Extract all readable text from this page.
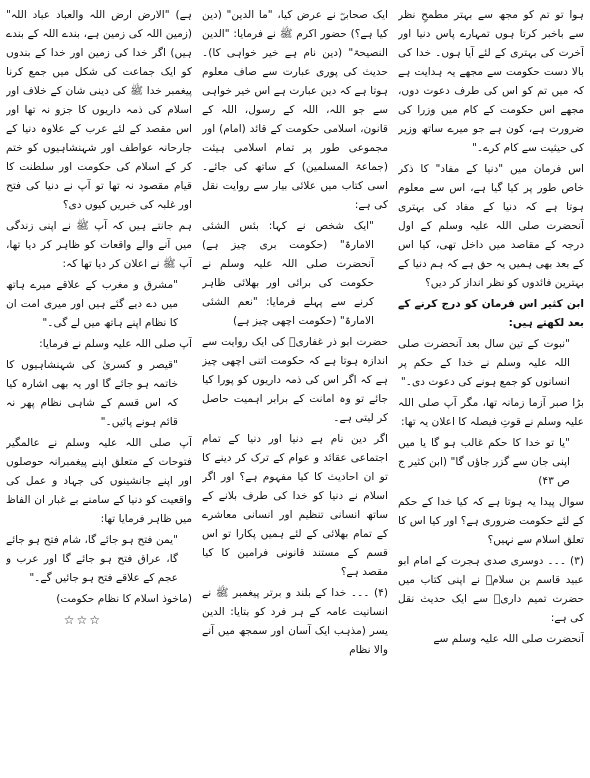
ہوا تو تم کو مجھ سے بہتر مطمحِ نظر سے باخبر کرتا ہوں تمہارے پاس دنیا اور آخرت کی بہتری کے لئے آیا ہوں۔ خدا کی بالا دست حکومت سے مجھے یہ ہدایت ہے کہ میں تم کو اس کی طرف دعوت دوں، مجھے اس حکومت کے کام میں وزرا کی ضرورت ہے، کون ہے جو میرے ساتھ وزیر کی حیثیت سے کام کرے۔"

اس فرمان میں "دنیا کے مفاد" کا ذکر خاص طور پر کیا گیا ہے، اس سے معلوم ہوتا ہے کہ دنیا کے مفاد کی بہتری آنحضرت صلی اللہ علیہ وسلم کے اول درجہ کے مقاصد میں داخل تھی، کیا اس کے بعد بھی ہمیں یہ حق ہے کہ ہم دنیا کے بہترین فائدوں کو نظر انداز کر دیں؟

ابن کثیر اس فرمان کو درج کرنے کے بعد لکھتے ہیں:

"نبوت کے تین سال بعد آنحضرت صلی اللہ علیہ وسلم نے خدا کے حکم پر انسانوں کو جمع ہونے کی دعوت دی۔"

بڑا صبر آزما زمانہ تھا، مگر آپ صلی اللہ علیہ وسلم نے قوتِ فیصلہ کا اعلان یہ تھا:

"یا تو خدا کا حکم غالب ہو گا یا میں اپنی جان سے گزر جاؤں گا" (ابن کثیر ج ص ۴۳)

سوال پیدا یہ ہوتا ہے کہ کیا خدا کے حکم کے لئے حکومت ضروری ہے؟ اور کیا اس کا تعلق اسلام سے نہیں؟

(۳) ۔۔۔ دوسری صدی ہجرت کے امام ابو عبید قاسم بن سلامؒ نے اپنی کتاب میں حضرت تمیم داریؓ سے ایک حدیث نقل کی ہے:

آنحضرت صلی اللہ علیہ وسلم سے

ایک صحابیؓ نے عرض کیا، "ما الدین" (دین کیا ہے؟) حضور اکرم ﷺ نے فرمایا: "الدین النصیحۃ" (دین نام ہے خیر خواہی کا)۔ حدیث کی پوری عبارت سے صاف معلوم ہوتا ہے کہ دین عبارت ہے اس خیر خواہی سے جو اللہ، اللہ کے رسول، اللہ کے قانون، اسلامی حکومت کے قائد (امام) اور مجموعی طور پر تمام اسلامی ہیئت (جماعۃ المسلمین) کے ساتھ کی جائے۔ اسی کتاب میں علائی بیار سے روایت نقل کی ہے:

"ایک شخص نے کہا: بئس الشئی الامارۃ" (حکومت بری چیز ہے) آنحضرت صلی اللہ علیہ وسلم نے حکومت کی برائی اور بھلائی ظاہر کرنے سے پہلے فرمایا: "نعم الشئی الامارۃ" (حکومت اچھی چیز ہے)

حضرت ابو ذر غفاریؓ کی ایک روایت سے اندازہ ہوتا ہے کہ حکومت اتنی اچھی چیز ہے کہ اگر اس کی ذمہ داریوں کو پورا کیا جائے تو وہ امانت کے برابر اہمیت حاصل کر لیتی ہے۔

اگر دین نام ہے دنیا اور دنیا کے تمام اجتماعی عقائد و عوام کے ترک کر دینے کا تو ان احادیث کا کیا مفہوم ہے؟ اور اگر اسلام نے دنیا کو خدا کی طرف بلانے کے ساتھ انسانی تنظیم اور انسانی معاشرے کے تمام بھلائی کے لئے ہمیں پکارا تو اس قسم کے مستند قانونی فرامین کا کیا مقصد ہے؟

(۴) ۔۔۔ خدا کے بلند و برتر پیغمبر ﷺ نے انسانیت عامہ کے ہر فرد کو بتایا: الدین یسر (مذہب ایک آسان اور سمجھ میں آنے والا نظام

ہے) "الارض ارض اللہ والعباد عباد اللہ" (زمین اللہ کی زمین ہے، بندے اللہ کے بندے ہیں) اگر خدا کی زمین اور خدا کے بندوں کو ایک جماعت کی شکل میں جمع کرنا پیغمبر خدا ﷺ کی دینی شان کے خلاف اور اسلام کی ذمہ داریوں کا جزو نہ تھا اور اس مقصد کے لئے عرب کے علاوہ دنیا کے جارحانہ عواطف اور شہنشاہیوں کو ختم کر کے اسلام کی حکومت اور سلطنت کا قیام مقصود نہ تھا تو آپ نے دنیا کی فتح اور غلبہ کی خبریں کیوں دی؟

ہم جانتے ہیں کہ آپ ﷺ نے اپنی زندگی میں آنے والے واقعات کو ظاہر کر دیا تھا، آپ ﷺ نے اعلان کر دیا تھا کہ:

"مشرق و مغرب کے علاقے میرے ہاتھ میں دے دیے گئے ہیں اور میری امت ان کا نظام اپنے ہاتھ میں لے گی۔"

آپ صلی اللہ علیہ وسلم نے فرمایا:

"قیصر و کسریٰ کی شہنشاہیوں کا خاتمہ ہو جائے گا اور یہ بھی اشارہ کیا کہ اس قسم کے شاہی نظام پھر نہ قائم ہونے پائیں۔"

آپ صلی اللہ علیہ وسلم نے عالمگیر فتوحات کے متعلق اپنے پیغمبرانہ حوصلوں اور اپنے جانشینوں کی جہاد و عمل کی واقعیت کو دنیا کے سامنے بے غبار ان الفاظ میں ظاہر فرمایا تھا:

"یمن فتح ہو جائے گا، شام فتح ہو جائے گا، عراق فتح ہو جائے گا اور عرب و عجم کے علاقے فتح ہو جائیں گے۔"

(ماخوذ اسلام کا نظام حکومت)

☆☆☆
